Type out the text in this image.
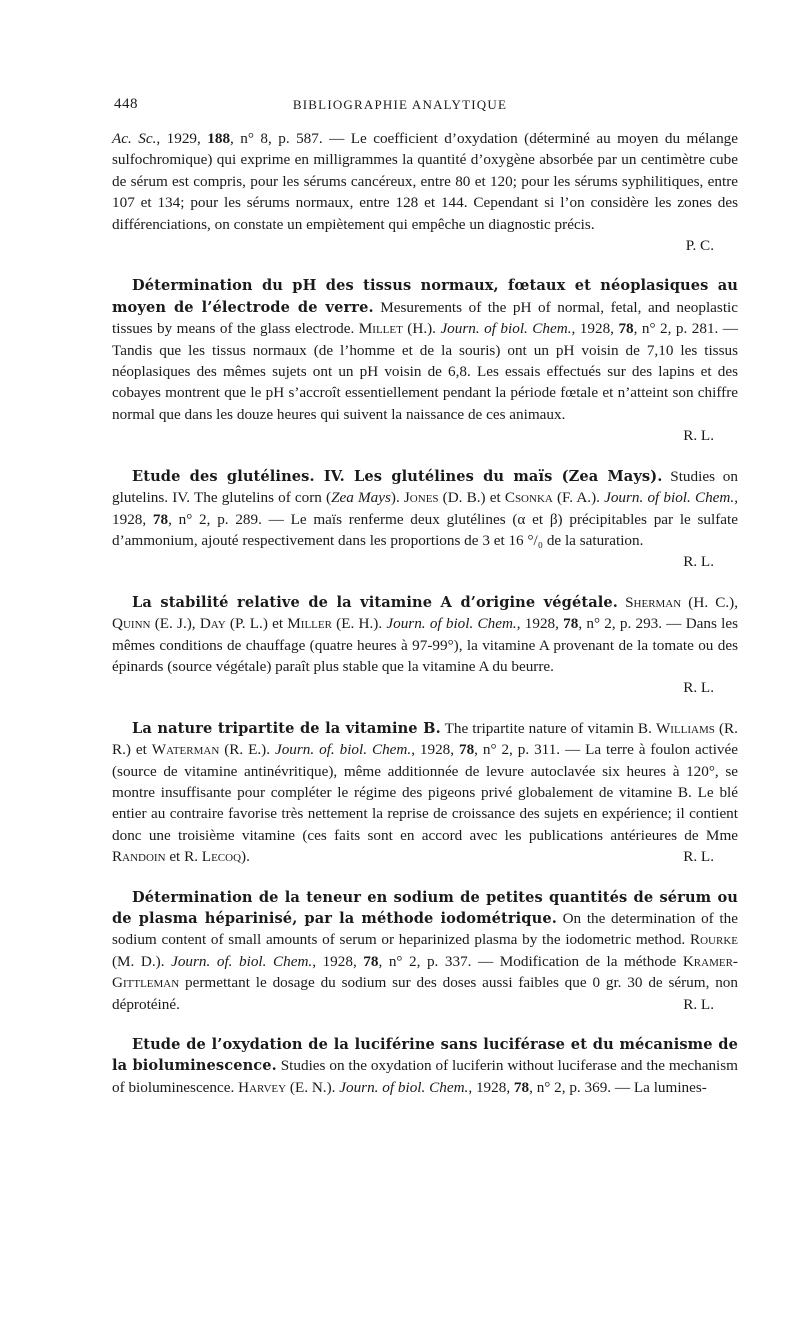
448	BIBLIOGRAPHIE ANALYTIQUE

Ac. Sc., 1929, 188, n° 8, p. 587. — Le coefficient d’oxydation (déterminé au moyen du mélange sulfochromique) qui exprime en milligrammes la quantité d’oxygène absorbée par un centimètre cube de sérum est compris, pour les sérums cancéreux, entre 80 et 120; pour les sérums syphilitiques, entre 107 et 134; pour les sérums normaux, entre 128 et 144. Cependant si l’on considère les zones des différenciations, on constate un empiètement qui empêche un diagnostic précis.

P. C.

Détermination du pH des tissus normaux, fœtaux et néoplasiques au moyen de l’électrode de verre. Mesurements of the pH of normal, fetal, and neoplastic tissues by means of the glass electrode. Millet (H.). Journ. of biol. Chem., 1928, 78, n° 2, p. 281. — Tandis que les tissus normaux (de l’homme et de la souris) ont un pH voisin de 7,10 les tissus néoplasiques des mêmes sujets ont un pH voisin de 6,8. Les essais effectués sur des lapins et des cobayes montrent que le pH s’accroît essentiellement pendant la période fœtale et n’atteint son chiffre normal que dans les douze heures qui suivent la naissance de ces animaux.

R. L.

Etude des glutélines. IV. Les glutélines du maïs (Zea Mays). Studies on glutelins. IV. The glutelins of corn (Zea Mays). Jones (D. B.) et Csonka (F. A.). Journ. of biol. Chem., 1928, 78, n° 2, p. 289. — Le maïs renferme deux glutélines (α et β) précipitables par le sulfate d’ammonium, ajouté respectivement dans les proportions de 3 et 16 °/₀ de la saturation.

R. L.

La stabilité relative de la vitamine A d’origine végétale. Sherman (H. C.), Quinn (E. J.), Day (P. L.) et Miller (E. H.). Journ. of biol. Chem., 1928, 78, n° 2, p. 293. — Dans les mêmes conditions de chauffage (quatre heures à 97-99°), la vitamine A provenant de la tomate ou des épinards (source végétale) paraît plus stable que la vitamine A du beurre.

R. L.

La nature tripartite de la vitamine B. The tripartite nature of vitamin B. Williams (R. R.) et Waterman (R. E.). Journ. of. biol. Chem., 1928, 78, n° 2, p. 311. — La terre à foulon activée (source de vitamine antinévritique), même additionnée de levure autoclavée six heures à 120°, se montre insuffisante pour compléter le régime des pigeons privé globalement de vitamine B. Le blé entier au contraire favorise très nettement la reprise de croissance des sujets en expérience; il contient donc une troisième vitamine (ces faits sont en accord avec les publications antérieures de Mme Randoin et R. Lecoq).	R. L.

Détermination de la teneur en sodium de petites quantités de sérum ou de plasma héparinisé, par la méthode iodométrique. On the determination of the sodium content of small amounts of serum or heparinized plasma by the iodometric method. Rourke (M. D.). Journ. of. biol. Chem., 1928, 78, n° 2, p. 337. — Modification de la méthode Kramer-Gittleman permettant le dosage du sodium sur des doses aussi faibles que 0 gr. 30 de sérum, non déprotéiné.	R. L.

Etude de l’oxydation de la luciférine sans luciférase et du mécanisme de la bioluminescence. Studies on the oxydation of luciferin without luciferase and the mechanism of bioluminescence. Harvey (E. N.). Journ. of biol. Chem., 1928, 78, n° 2, p. 369. — La lumines-
